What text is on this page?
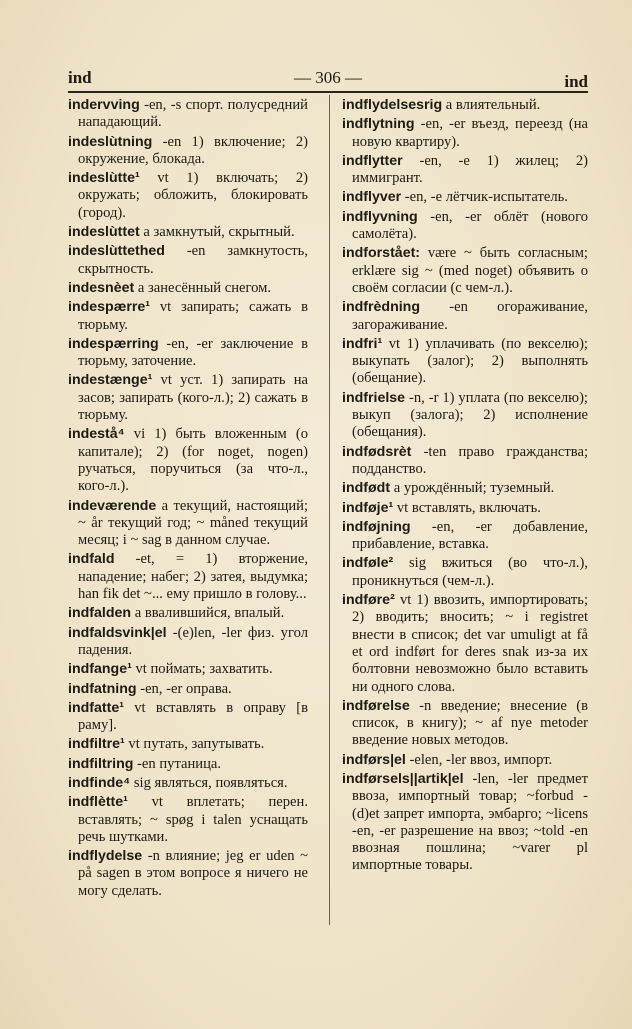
ind	— 306 —	ind

indervving -en, -s спорт. полусредний нападающий.

indeslùtning -en 1) включение; 2) окружение, блокада.

indeslùtte¹ vt 1) включать; 2) окружать; обложить, блокировать (город).

indeslùttet a замкнутый, скрытный.

indeslùttethed -en замкнутость, скрытность.

indesnèet a занесённый снегом.

indespærre¹ vt запирать; сажать в тюрьму.

indespærring -en, -er заключение в тюрьму, заточение.

indestænge¹ vt уст. 1) запирать на засов; запирать (кого-л.); 2) сажать в тюрьму.

indestå⁴ vi 1) быть вложенным (о капитале); 2) (for noget, nogen) ручаться, поручиться (за что-л., кого-л.).

indeværende a текущий, настоящий; ~ år текущий год; ~ måned текущий месяц; i ~ sag в данном случае.

indfald -et, = 1) вторжение, нападение; набег; 2) затея, выдумка; han fik det ~... ему пришло в голову...

indfalden a ввалившийся, впалый.

indfaldsvink|el -(e)len, -ler физ. угол падения.

indfange¹ vt поймать; захватить.

indfatning -en, -er оправа.

indfatte¹ vt вставлять в оправу [в раму].

indfiltre¹ vt путать, запутывать.

indfiltring -en путаница.

indfinde⁴ sig являться, появляться.

indflètte¹ vt вплетать; перен. вставлять; ~ spøg i talen уснащать речь шутками.

indflydelse -n влияние; jeg er uden ~ på sagen в этом вопросе я ничего не могу сделать.

indflydelsesrig a влиятельный.

indflytning -en, -er въезд, переезд (на новую квартиру).

indflytter -en, -e 1) жилец; 2) иммигрант.

indflyver -en, -e лётчик-испытатель.

indflyvning -en, -er облёт (нового самолёта).

indforstået: være ~ быть согласным; erklære sig ~ (med noget) объявить о своём согласии (с чем-л.).

indfrèdning -en огораживание, загораживание.

indfri¹ vt 1) уплачивать (по векселю); выкупать (залог); 2) выполнять (обещание).

indfrielse -n, -r 1) уплата (по векселю); выкуп (залога); 2) исполнение (обещания).

indfødsrèt -ten право гражданства; подданство.

indfødt a урождённый; туземный.

indføje¹ vt вставлять, включать.

indføjning -en, -er добавление, прибавление, вставка.

indføle² sig вжиться (во что-л.), проникнуться (чем-л.).

indføre² vt 1) ввозить, импортировать; 2) вводить; вносить; ~ i registret внести в список; det var umuligt at få et ord indført for deres snak из-за их болтовни невозможно было вставить ни одного слова.

indførelse -n введение; внесение (в список, в книгу); ~ af nye metoder введение новых методов.

indførs|el -elen, -ler ввоз, импорт.

indførsels||artik|el -len, -ler предмет ввоза, импортный товар; ~forbud -(d)et запрет импорта, эмбарго; ~licens -en, -er разрешение на ввоз; ~told -en ввозная пошлина; ~varer pl импортные товары.
